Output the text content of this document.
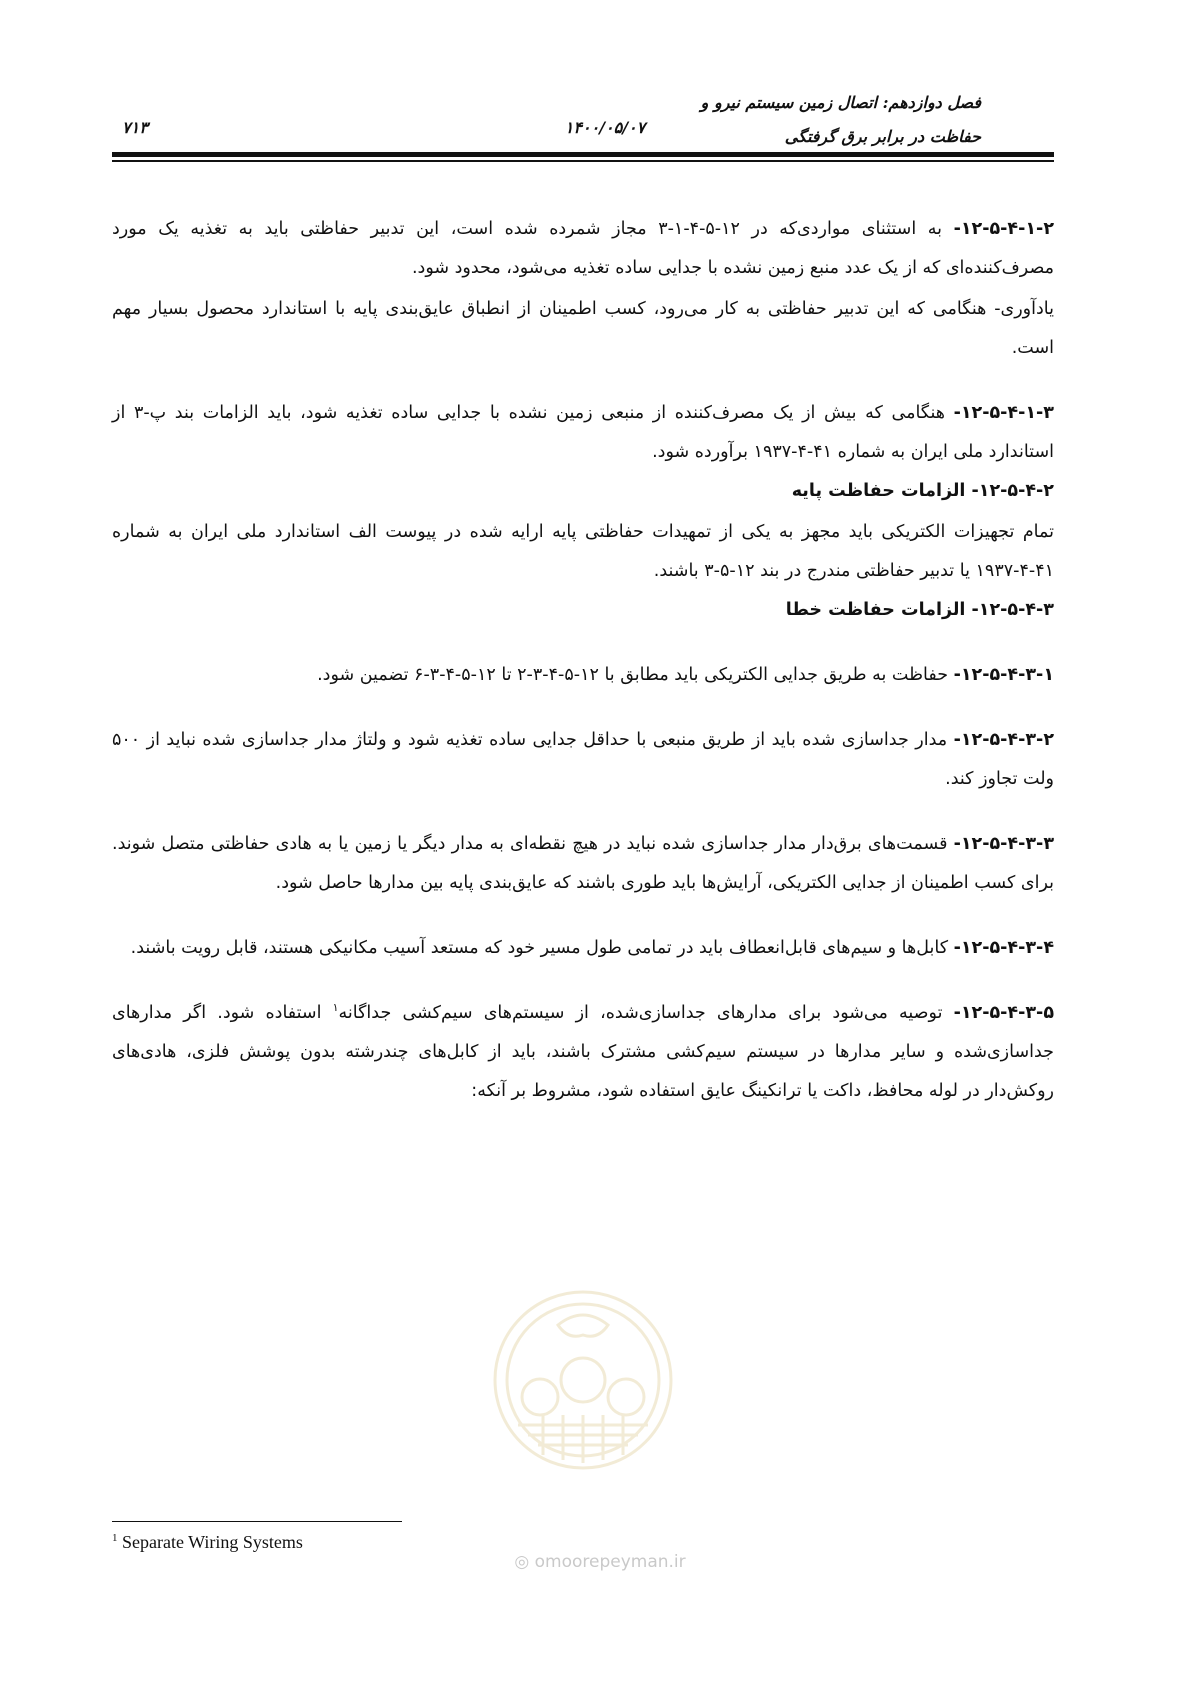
فصل دوازدهم: اتصال زمین سیستم نیرو و
حفاظت در برابر برق گرفتگی
۱۴۰۰/۰۵/۰۷
۷۱۳

۱۲-۵-۴-۱-۲- به استثنای مواردی‌که در ۱۲-۵-۴-۱-۳ مجاز شمرده شده است، این تدبیر حفاظتی باید به تغذیه یک مورد مصرف‌کننده‌ای که از یک عدد منبع زمین نشده با جدایی ساده تغذیه می‌شود، محدود شود.

یادآوری- هنگامی که این تدبیر حفاظتی به کار می‌رود، کسب اطمینان از انطباق عایق‌بندی پایه با استاندارد محصول بسیار مهم است.

۱۲-۵-۴-۱-۳- هنگامی که بیش از یک مصرف‌کننده از منبعی زمین نشده با جدایی ساده تغذیه شود، باید الزامات بند پ-۳ از استاندارد ملی ایران به شماره ۴۱-۴-۱۹۳۷ برآورده شود.

۱۲-۵-۴-۲- الزامات حفاظت پایه

تمام تجهیزات الکتریکی باید مجهز به یکی از تمهیدات حفاظتی پایه ارایه شده در پیوست الف استاندارد ملی ایران به شماره ۴۱-۴-۱۹۳۷ یا تدبیر حفاظتی مندرج در بند ۱۲-۵-۳ باشند.

۱۲-۵-۴-۳- الزامات حفاظت خطا

۱۲-۵-۴-۳-۱- حفاظت به طریق جدایی الکتریکی باید مطابق با ۱۲-۵-۴-۳-۲ تا ۱۲-۵-۴-۳-۶ تضمین شود.

۱۲-۵-۴-۳-۲- مدار جداسازی شده باید از طریق منبعی با حداقل جدایی ساده تغذیه شود و ولتاژ مدار جداسازی شده نباید از ۵۰۰ ولت تجاوز کند.

۱۲-۵-۴-۳-۳- قسمت‌های برق‌دار مدار جداسازی شده نباید در هیچ نقطه‌ای به مدار دیگر یا زمین یا به هادی حفاظتی متصل شوند. برای کسب اطمینان از جدایی الکتریکی، آرایش‌ها باید طوری باشند که عایق‌بندی پایه بین مدارها حاصل شود.

۱۲-۵-۴-۳-۴- کابل‌ها و سیم‌های قابل‌انعطاف باید در تمامی طول مسیر خود که مستعد آسیب مکانیکی هستند، قابل رویت باشند.

۱۲-۵-۴-۳-۵- توصیه می‌شود برای مدارهای جداسازی‌شده، از سیستم‌های سیم‌کشی جداگانه$^۱$ استفاده شود. اگر مدارهای جداسازی‌شده و سایر مدارها در سیستم سیم‌کشی مشترک باشند، باید از کابل‌های چندرشته بدون پوشش فلزی، هادی‌های روکش‌دار در لوله محافظ، داکت یا ترانکینگ عایق استفاده شود، مشروط بر آنکه:

◎ omoorepeyman.ir
$^1$ Separate Wiring Systems
